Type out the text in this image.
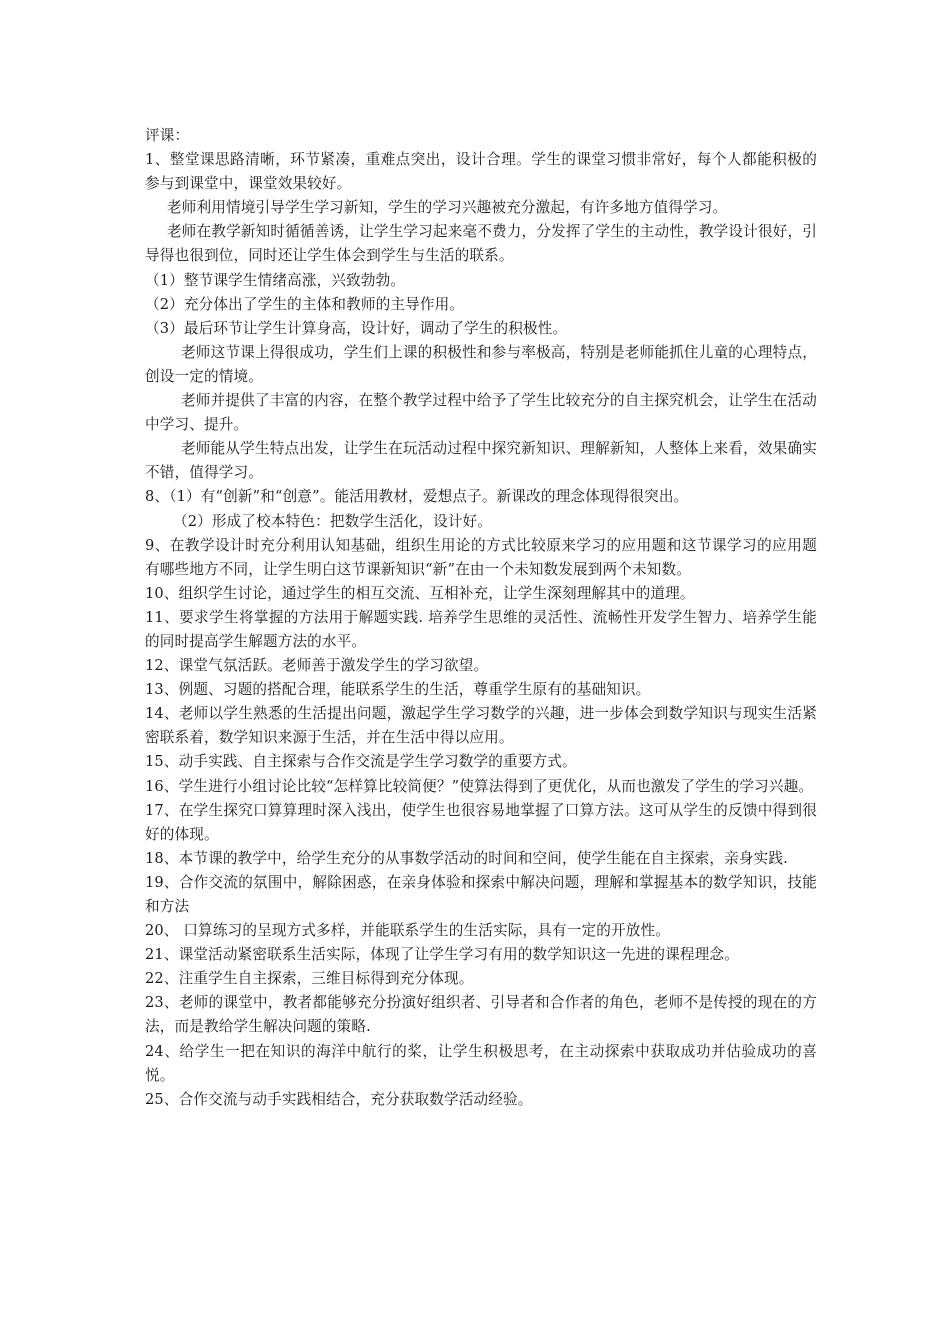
评课：

1、整堂课思路清晰，环节紧凑，重难点突出，设计合理。学生的课堂习惯非常好，每个人都能积极的参与到课堂中，课堂效果较好。

老师利用情境引导学生学习新知，学生的学习兴趣被充分激起，有许多地方值得学习。

老师在教学新知时循循善诱，让学生学习起来毫不费力，分发挥了学生的主动性，教学设计很好，引导得也很到位，同时还让学生体会到学生与生活的联系。

（1）整节课学生情绪高涨，兴致勃勃。

（2）充分体出了学生的主体和教师的主导作用。

（3）最后环节让学生计算身高，设计好，调动了学生的积极性。

老师这节课上得很成功，学生们上课的积极性和参与率极高，特别是老师能抓住儿童的心理特点，创设一定的情境。

老师并提供了丰富的内容，在整个教学过程中给予了学生比较充分的自主探究机会，让学生在活动中学习、提升。

老师能从学生特点出发，让学生在玩活动过程中探究新知识、理解新知，人整体上来看，效果确实不错，值得学习。

8、（1）有“创新”和“创意”。能活用教材，爱想点子。新课改的理念体现得很突出。

（2）形成了校本特色：把数学生活化，设计好。

9、在教学设计时充分利用认知基础，组织生用论的方式比较原来学习的应用题和这节课学习的应用题有哪些地方不同，让学生明白这节课新知识“新”在由一个未知数发展到两个未知数。

10、组织学生讨论，通过学生的相互交流、互相补充，让学生深刻理解其中的道理。

11、要求学生将掌握的方法用于解题实践. 培养学生思维的灵活性、流畅性开发学生智力、培养学生能的同时提高学生解题方法的水平。

12、课堂气氛活跃。老师善于激发学生的学习欲望。

13、例题、习题的搭配合理，能联系学生的生活，尊重学生原有的基础知识。

14、老师以学生熟悉的生活提出问题，激起学生学习数学的兴趣，进一步体会到数学知识与现实生活紧密联系着，数学知识来源于生活，并在生活中得以应用。

15、动手实践、自主探索与合作交流是学生学习数学的重要方式。

16、学生进行小组讨论比较“怎样算比较简便？”使算法得到了更优化，从而也激发了学生的学习兴趣。

17、在学生探究口算算理时深入浅出，使学生也很容易地掌握了口算方法。这可从学生的反馈中得到很好的体现。

18、本节课的教学中，给学生充分的从事数学活动的时间和空间，使学生能在自主探索，亲身实践.

19、合作交流的氛围中，解除困惑，在亲身体验和探索中解决问题，理解和掌握基本的数学知识，技能和方法

20、 口算练习的呈现方式多样，并能联系学生的生活实际，具有一定的开放性。

21、课堂活动紧密联系生活实际，体现了让学生学习有用的数学知识这一先进的课程理念。

22、注重学生自主探索，三维目标得到充分体现。

23、老师的课堂中，教者都能够充分扮演好组织者、引导者和合作者的角色，老师不是传授的现在的方法，而是教给学生解决问题的策略.

24、给学生一把在知识的海洋中航行的桨，让学生积极思考，在主动探索中获取成功并估验成功的喜悦。

25、合作交流与动手实践相结合，充分获取数学活动经验。
